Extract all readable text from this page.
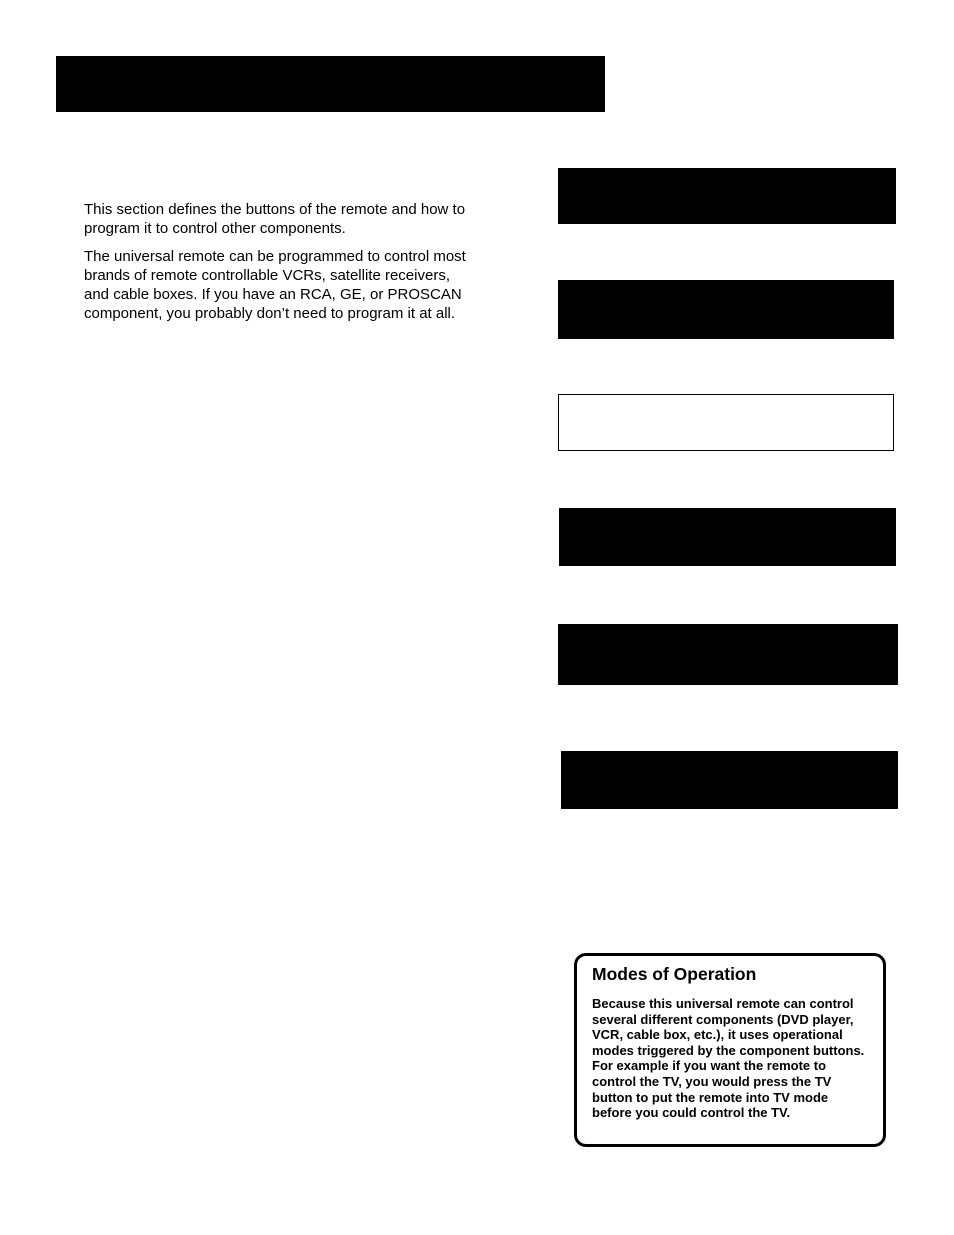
This section defines the buttons of the remote and how to program it to control other components.

The universal remote can be programmed to control most brands of remote controllable VCRs, satellite receivers, and cable boxes. If you have an RCA, GE, or PROSCAN component, you probably don’t need to program it at all.

Modes of Operation

Because this universal remote can control several different components (DVD player, VCR, cable box, etc.), it uses operational modes triggered by the component buttons. For example if you want the remote to control the TV, you would press the TV button to put the remote into TV mode before you could control the TV.
